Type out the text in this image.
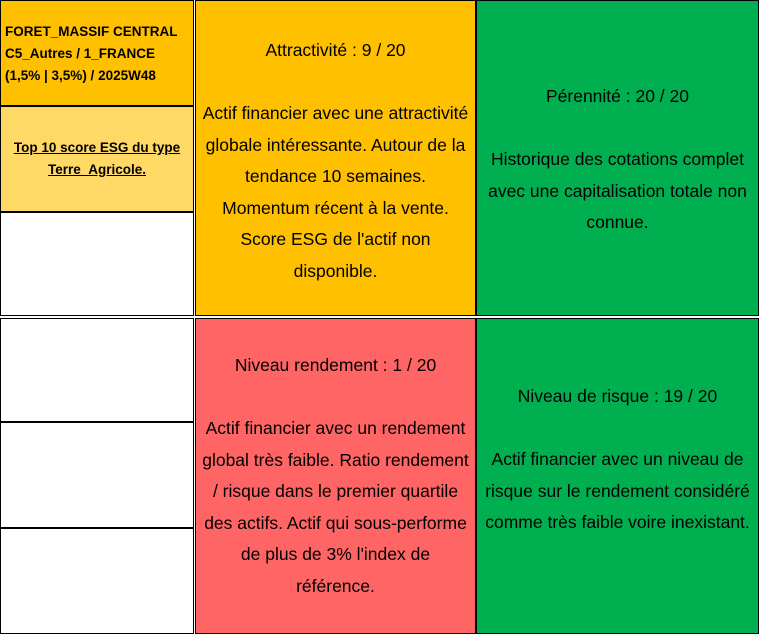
FORET_MASSIF CENTRAL
C5_Autres / 1_FRANCE
(1,5% | 3,5%) / 2025W48
Top 10 score ESG du type
Terre_Agricole.
Attractivité : 9 / 20
Actif financier avec une attractivité globale intéressante. Autour de la tendance 10 semaines. Momentum récent à la vente. Score ESG de l'actif non disponible.
Pérennité : 20 / 20
Historique des cotations complet avec une capitalisation totale non connue.
Niveau rendement : 1 / 20
Actif financier avec un rendement global très faible. Ratio rendement / risque dans le premier quartile des actifs. Actif qui sous-performe de plus de 3% l'index de référence.
Niveau de risque : 19 / 20
Actif financier avec un niveau de risque sur le rendement considéré comme très faible voire inexistant.
